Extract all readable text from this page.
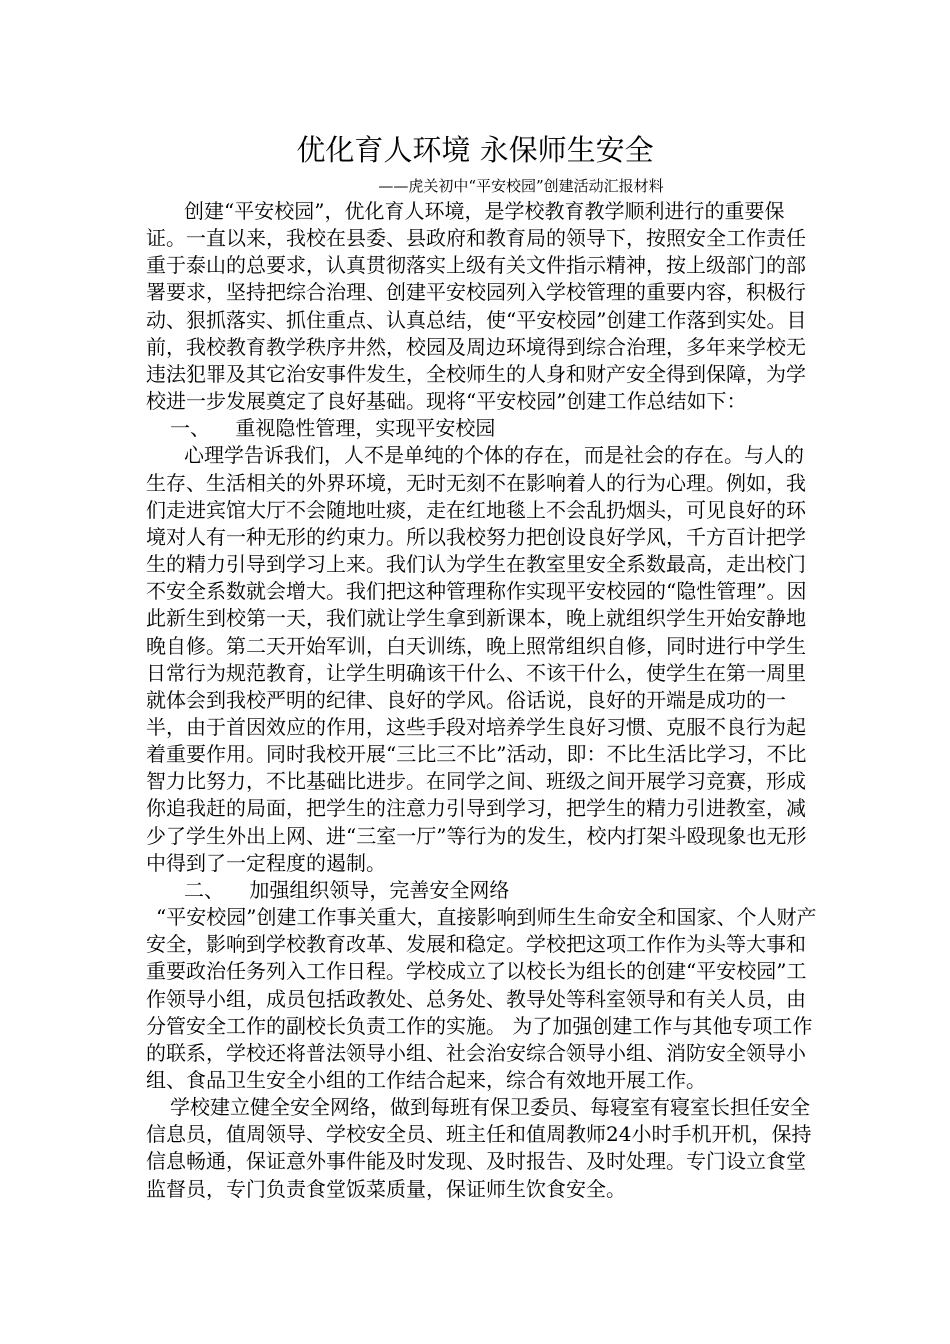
优化育人环境 永保师生安全
——虎关初中“平安校园”创建活动汇报材料

创建“平安校园”，优化育人环境，是学校教育教学顺利进行的重要保证。一直以来，我校在县委、县政府和教育局的领导下，按照安全工作责任重于泰山的总要求，认真贯彻落实上级有关文件指示精神，按上级部门的部署要求，坚持把综合治理、创建平安校园列入学校管理的重要内容，积极行动、狠抓落实、抓住重点、认真总结，使“平安校园”创建工作落到实处。目前，我校教育教学秩序井然，校园及周边环境得到综合治理，多年来学校无违法犯罪及其它治安事件发生，全校师生的人身和财产安全得到保障，为学校进一步发展奠定了良好基础。现将“平安校园”创建工作总结如下：

一、    重视隐性管理，实现平安校园

心理学告诉我们，人不是单纯的个体的存在，而是社会的存在。与人的生存、生活相关的外界环境，无时无刻不在影响着人的行为心理。例如，我们走进宾馆大厅不会随地吐痰，走在红地毯上不会乱扔烟头，可见良好的环境对人有一种无形的约束力。所以我校努力把创设良好学风，千方百计把学生的精力引导到学习上来。我们认为学生在教室里安全系数最高，走出校门不安全系数就会增大。我们把这种管理称作实现平安校园的“隐性管理”。因此新生到校第一天，我们就让学生拿到新课本，晚上就组织学生开始安静地晚自修。第二天开始军训，白天训练，晚上照常组织自修，同时进行中学生日常行为规范教育，让学生明确该干什么、不该干什么，使学生在第一周里就体会到我校严明的纪律、良好的学风。俗话说，良好的开端是成功的一半，由于首因效应的作用，这些手段对培养学生良好习惯、克服不良行为起着重要作用。同时我校开展“三比三不比”活动，即：不比生活比学习，不比智力比努力，不比基础比进步。在同学之间、班级之间开展学习竞赛，形成你追我赶的局面，把学生的注意力引导到学习，把学生的精力引进教室，减少了学生外出上网、进“三室一厅”等行为的发生，校内打架斗殴现象也无形中得到了一定程度的遏制。

二、    加强组织领导，完善安全网络

“平安校园”创建工作事关重大，直接影响到师生生命安全和国家、个人财产安全，影响到学校教育改革、发展和稳定。学校把这项工作作为头等大事和重要政治任务列入工作日程。学校成立了以校长为组长的创建“平安校园”工作领导小组，成员包括政教处、总务处、教导处等科室领导和有关人员，由分管安全工作的副校长负责工作的实施。 为了加强创建工作与其他专项工作的联系，学校还将普法领导小组、社会治安综合领导小组、消防安全领导小组、食品卫生安全小组的工作结合起来，综合有效地开展工作。

学校建立健全安全网络，做到每班有保卫委员、每寝室有寝室长担任安全信息员，值周领导、学校安全员、班主任和值周教师24小时手机开机，保持信息畅通，保证意外事件能及时发现、及时报告、及时处理。专门设立食堂监督员，专门负责食堂饭菜质量，保证师生饮食安全。
